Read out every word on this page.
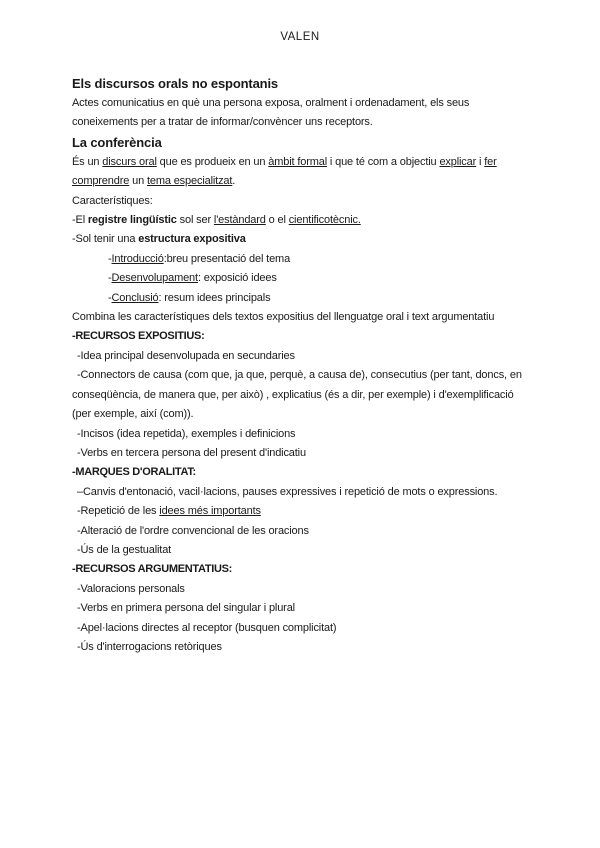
VALEN
Els discursos orals no espontanis
Actes comunicatius en què una persona exposa, oralment i ordenadament, els seus
coneixements per a tratar de informar/convèncer uns receptors.
La conferència
És un discurs oral que es produeix en un àmbit formal i que té com a objectiu explicar i fer
comprendre un tema especialitzat.
Característiques:
-El registre lingüístic sol ser l'estàndard o el cientificotècnic.
-Sol tenir una estructura expositiva
-Introducció:breu presentació del tema
-Desenvolupament: exposició idees
-Conclusió: resum idees principals
Combina les característiques dels textos expositius del llenguatge oral i text argumentatiu
-RECURSOS EXPOSITIUS:
-Idea principal desenvolupada en secundaries
-Connectors de causa (com que, ja que, perquè, a causa de), consecutius (per tant, doncs, en
conseqüència, de manera que, per això) , explicatius (és a dir, per exemple) i d'exemplificació
(per exemple, així (com)).
-Incisos (idea repetida), exemples i definicions
-Verbs en tercera persona del present d'indicatiu
-MARQUES D'ORALITAT:
–Canvis d'entonació, vacil·lacions, pauses expressives i repetició de mots o expressions.
-Repetició de les idees més importants
-Alteració de l'ordre convencional de les oracions
-Ús de la gestualitat
-RECURSOS ARGUMENTATIUS:
-Valoracions personals
-Verbs en primera persona del singular i plural
-Apel·lacions directes al receptor (busquen complicitat)
-Ús d'interrogacions retòriques
